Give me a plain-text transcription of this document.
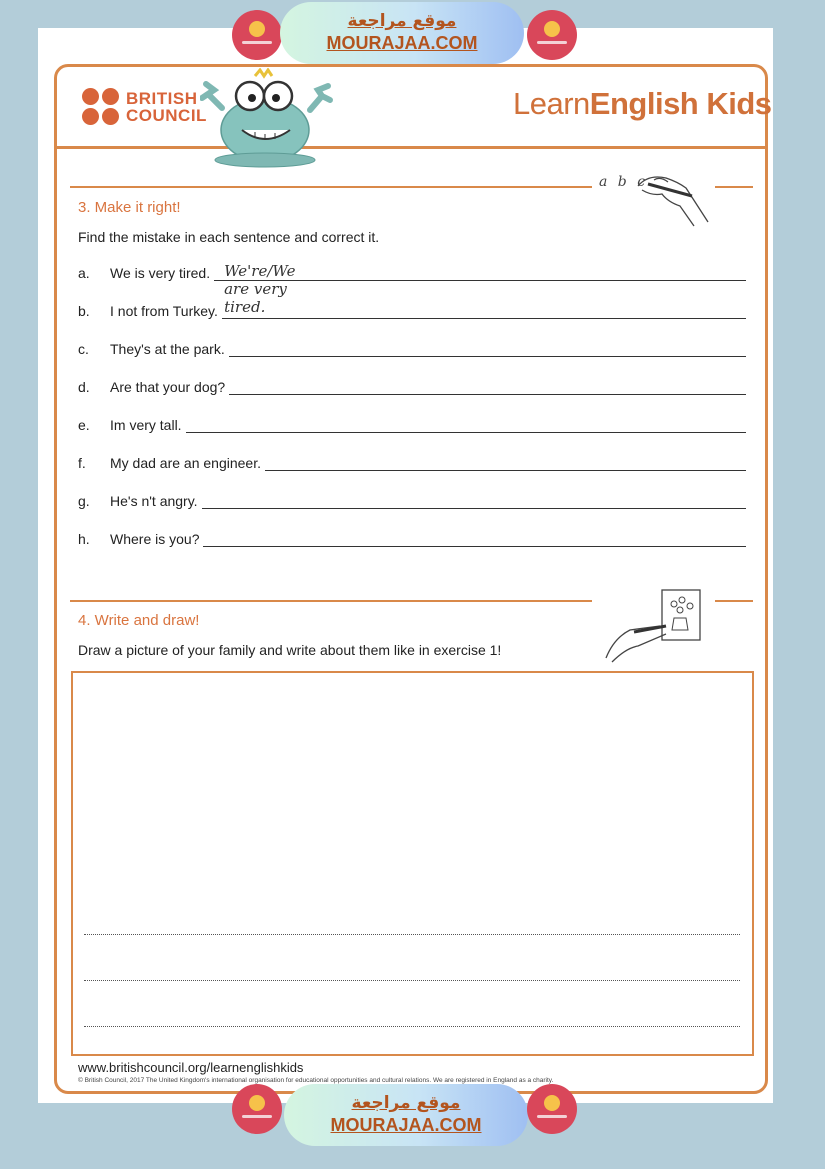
BRITISH
COUNCIL	LearnEnglish Kids
a b c
3. Make it right!
Find the mistake in each sentence and correct it.
a.	We is very tired. We're/We are very tired.
b.	I not from Turkey.
c.	They's at the park.
d.	Are that your dog?
e.	Im very tall.
f.	My dad are an engineer.
g.	He's n't angry.
h.	Where is you?
4. Write and draw!
Draw a picture of your family and write about them like in exercise 1!
www.britishcouncil.org/learnenglishkids
© British Council, 2017 The United Kingdom's international organisation for educational opportunities and cultural relations. We are registered in England as a charity.
موقع مراجعة
MOURAJAA.COM
موقع مراجعة
MOURAJAA.COM
